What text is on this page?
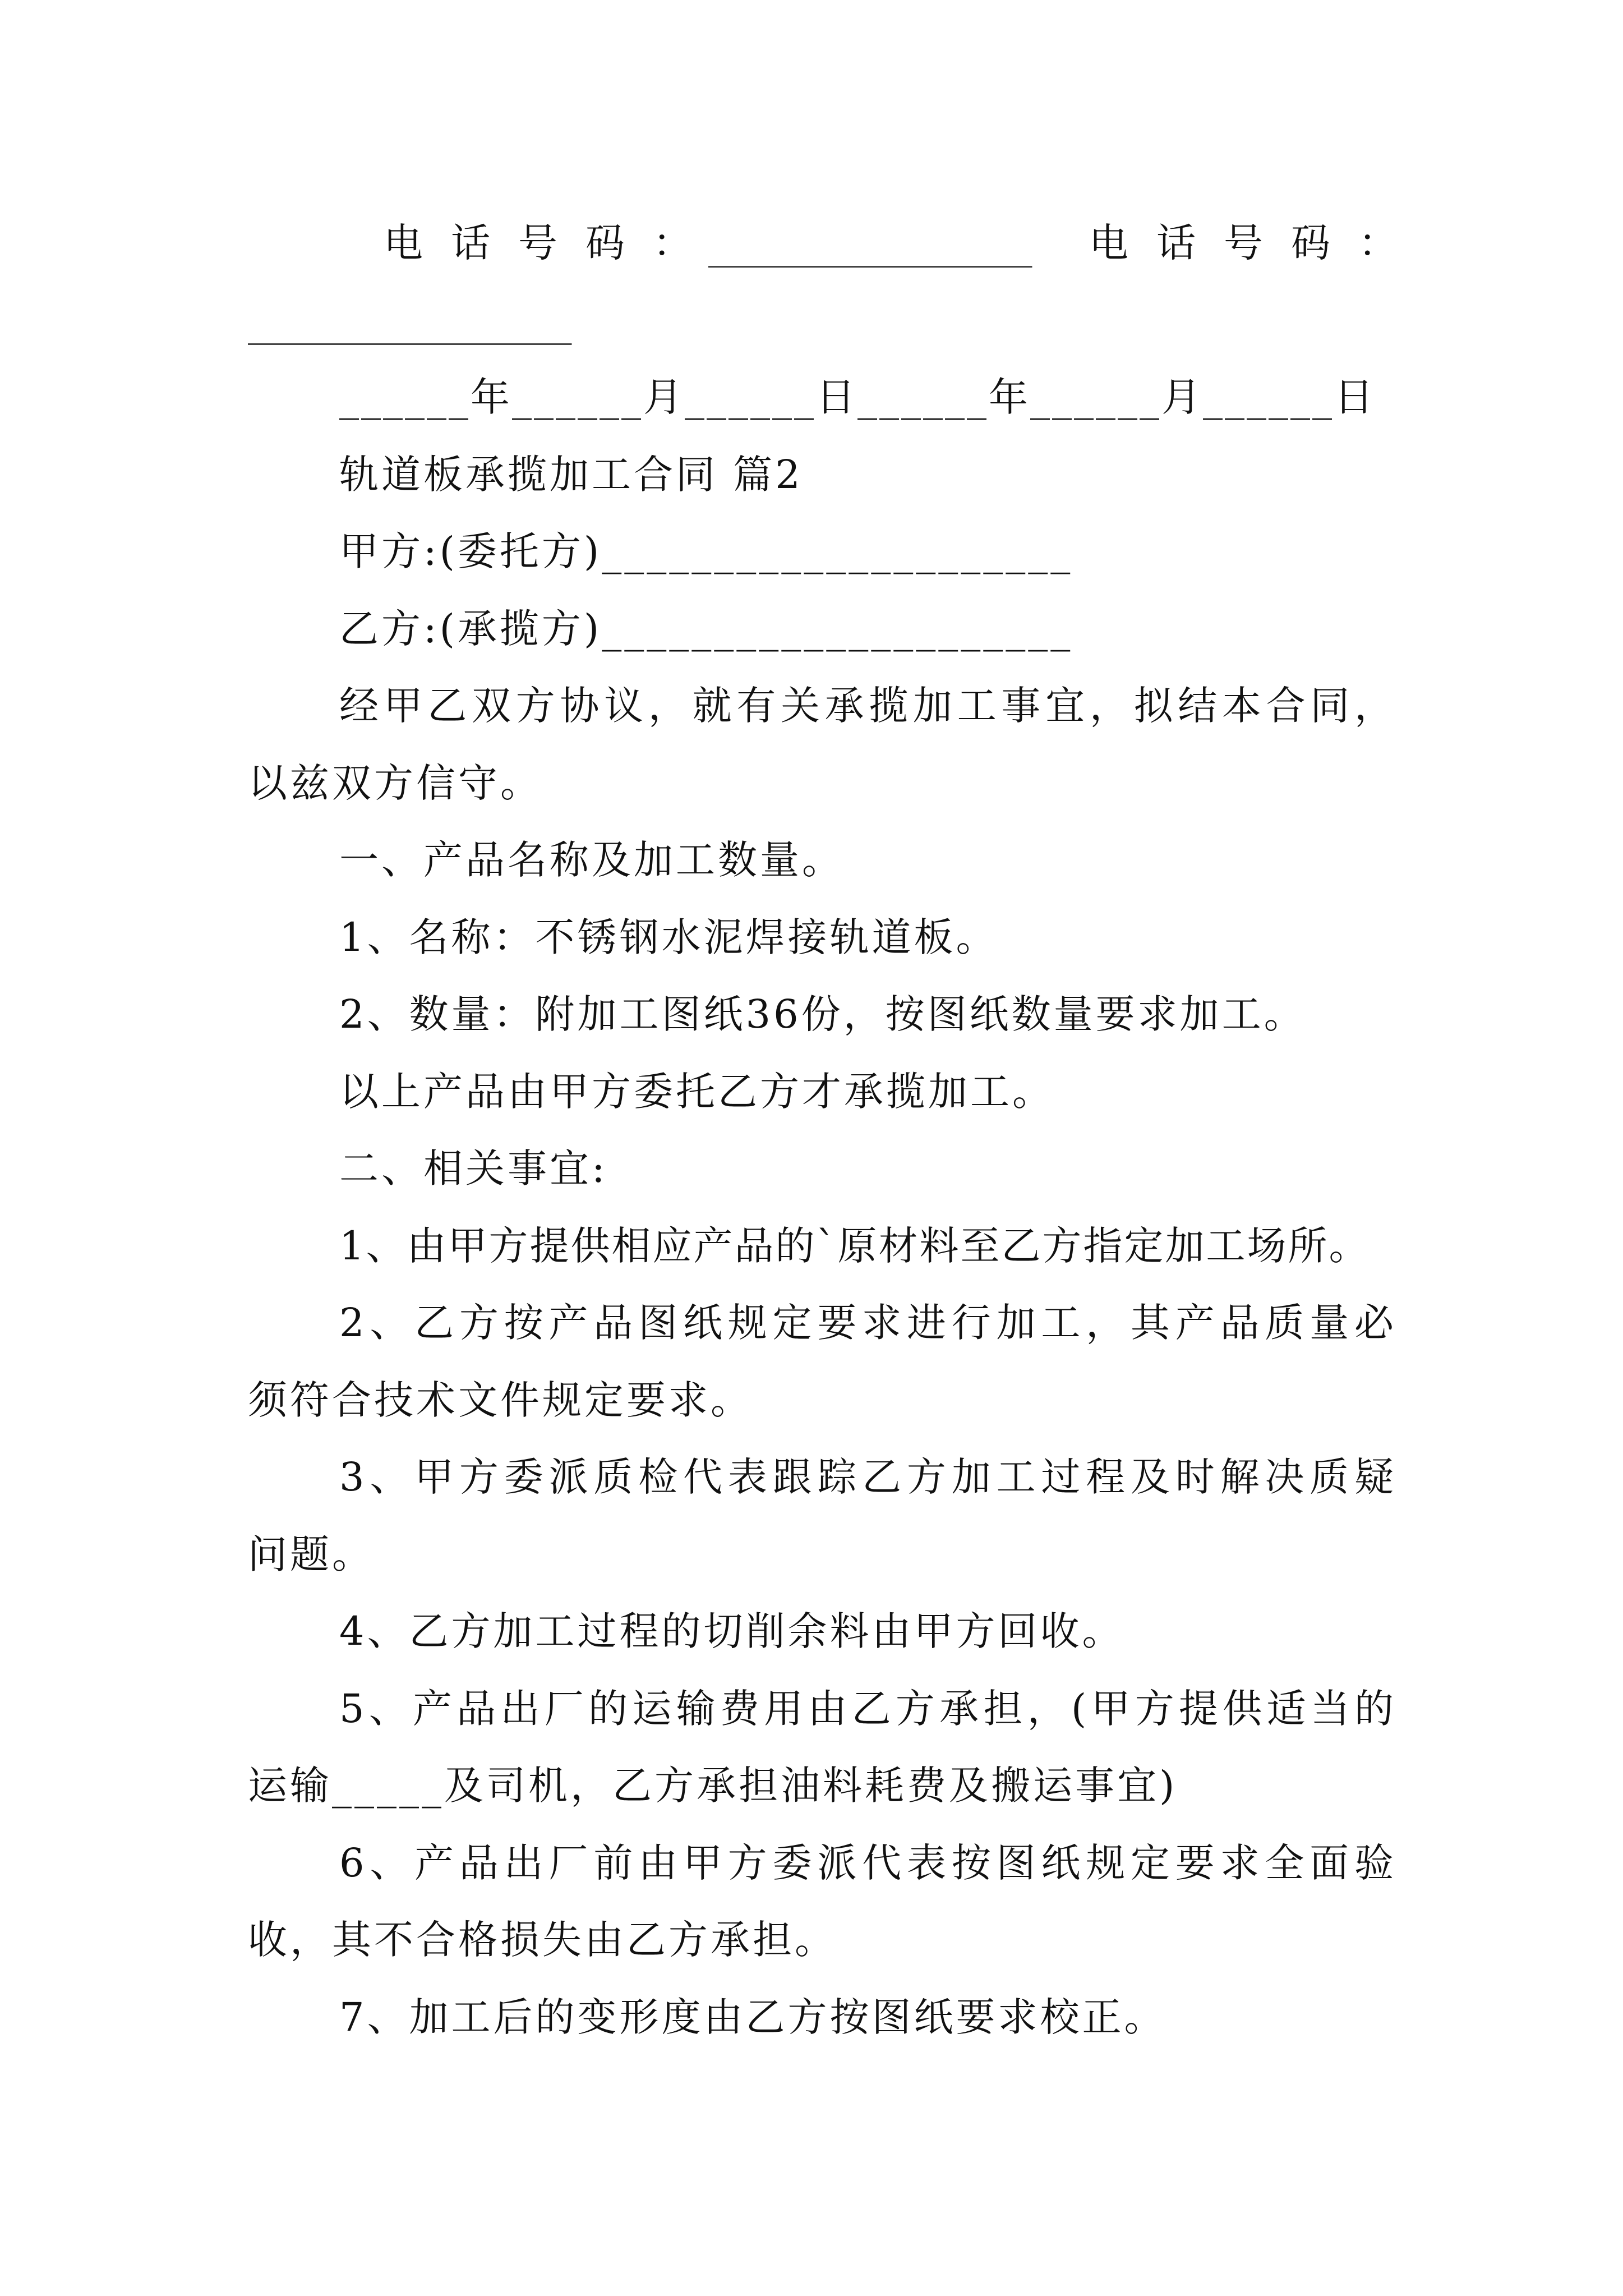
电话号码：
_______________ 电话号码：
_______________
______年______月______日______年______月______日
轨道板承揽加工合同 篇2
甲方:(委托方)_____________________
乙方:(承揽方)_____________________
经甲乙双方协议，就有关承揽加工事宜，拟结本合同，
以兹双方信守。
一、产品名称及加工数量。
1、名称：不锈钢水泥焊接轨道板。
2、数量：附加工图纸36份，按图纸数量要求加工。
以上产品由甲方委托乙方才承揽加工。
二、相关事宜:
1、由甲方提供相应产品的`原材料至乙方指定加工场所。
2、乙方按产品图纸规定要求进行加工，其产品质量必
须符合技术文件规定要求。
3、甲方委派质检代表跟踪乙方加工过程及时解决质疑
问题。
4、乙方加工过程的切削余料由甲方回收。
5、产品出厂的运输费用由乙方承担，(甲方提供适当的
运输_____及司机，乙方承担油料耗费及搬运事宜)
6、产品出厂前由甲方委派代表按图纸规定要求全面验
收，其不合格损失由乙方承担。
7、加工后的变形度由乙方按图纸要求校正。
